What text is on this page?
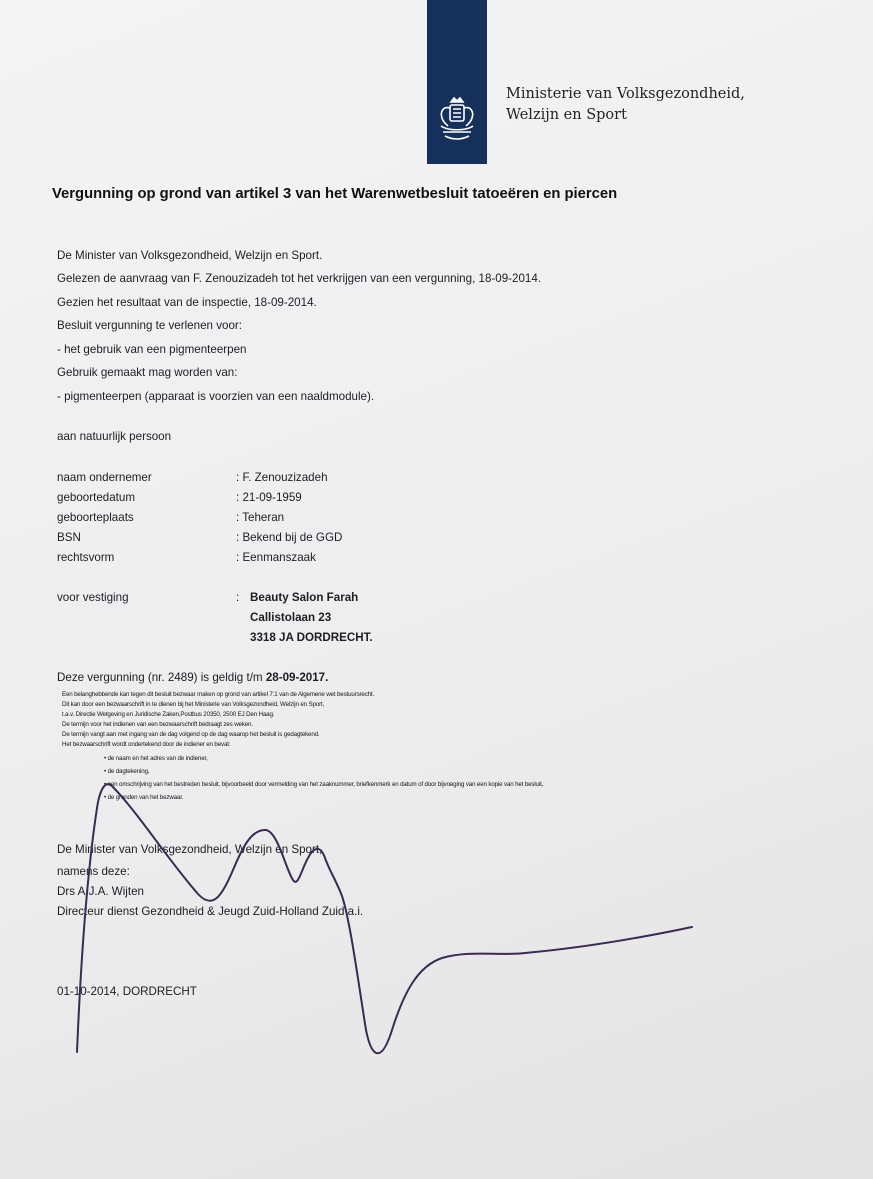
Ministerie van Volksgezondheid,
Welzijn en Sport
Vergunning op grond van artikel 3 van het Warenwetbesluit tatoeëren en piercen
De Minister van Volksgezondheid, Welzijn en Sport.
Gelezen de aanvraag van F. Zenouzizadeh tot het verkrijgen van een vergunning, 18-09-2014.
Gezien het resultaat van de inspectie, 18-09-2014.
Besluit vergunning te verlenen voor:
- het gebruik van een pigmenteerpen
Gebruik gemaakt mag worden van:
- pigmenteerpen (apparaat is voorzien van een naaldmodule).
aan natuurlijk persoon
naam ondernemer	: F. Zenouzizadeh
geboortedatum	: 21-09-1959
geboorteplaats	: Teheran
BSN	: Bekend bij de GGD
rechtsvorm	: Eenmanszaak
voor vestiging	: Beauty Salon Farah
Callistolaan 23
3318 JA DORDRECHT.
Deze vergunning (nr. 2489) is geldig t/m 28-09-2017.
Een belanghebbende kan tegen dit besluit bezwaar maken op grond van artikel 7:1 van de Algemene wet bestuursrecht.
Dit kan door een bezwaarschrift in te dienen bij het Ministerie van Volksgezondheid, Welzijn en Sport,
t.a.v. Directie Wetgeving en Juridische Zaken,Postbus 20350, 2500 EJ Den Haag.
De termijn voor het indienen van een bezwaarschrift bedraagt zes weken.
De termijn vangt aan met ingang van de dag volgend op de dag waarop het besluit is gedagtekend.
Het bezwaarschrift wordt ondertekend door de indiener en bevat:
• de naam en het adres van de indiener,
• de dagtekening,
• een omschrijving van het bestreden besluit, bijvoorbeeld door vermelding van het zaaknummer, briefkenmerk en datum of door bijvoeging van een kopie van het besluit,
• de gronden van het bezwaar.
De Minister van Volksgezondheid, Welzijn en Sport,
namens deze:
Drs A.J.A. Wijten
Directeur dienst Gezondheid & Jeugd Zuid-Holland Zuid a.i.
01-10-2014, DORDRECHT
